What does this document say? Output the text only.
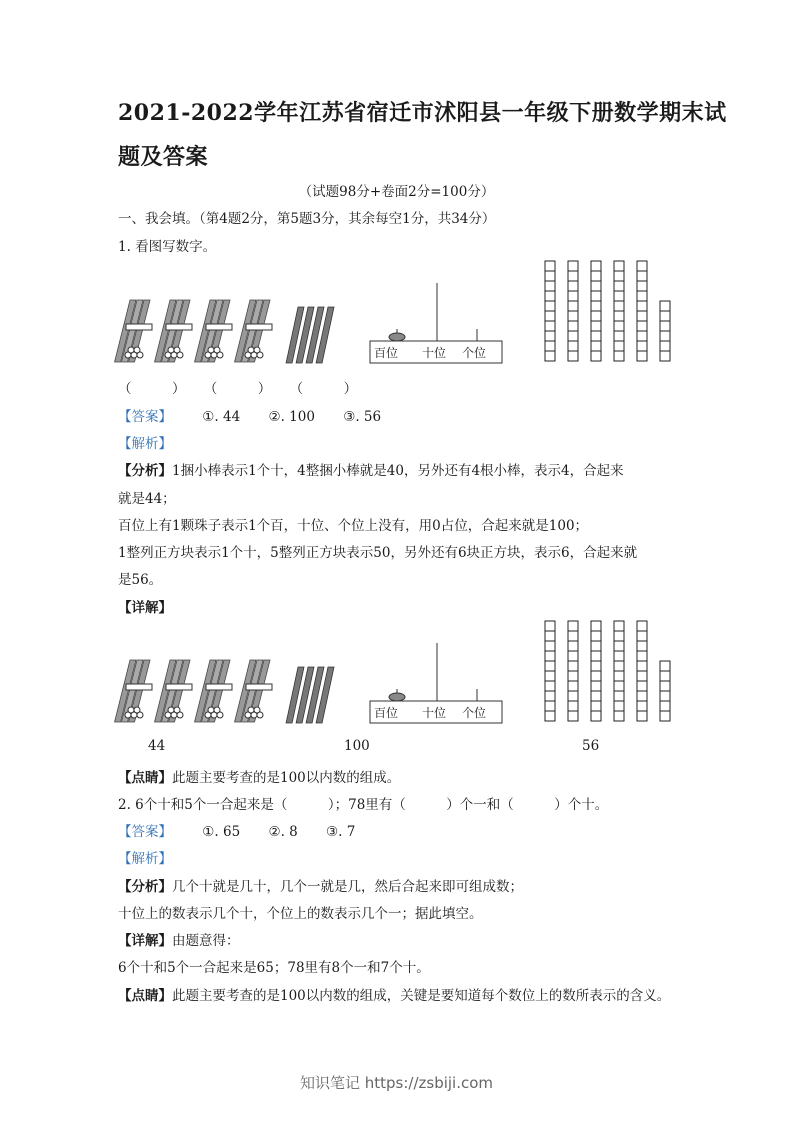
2021-2022学年江苏省宿迁市沭阳县一年级下册数学期末试
题及答案
（试题98分+卷面2分=100分）
一、我会填。（第4题2分，第5题3分，其余每空1分，共34分）
1. 看图写数字。
百位 十位 个位
（　　　） （　　　） （　　　）
【答案】 ①. 44 ②. 100 ③. 56
【解析】
【分析】1捆小棒表示1个十，4整捆小棒就是40，另外还有4根小棒，表示4，合起来
就是44；
百位上有1颗珠子表示1个百，十位、个位上没有，用0占位，合起来就是100；
1整列正方块表示1个十，5整列正方块表示50，另外还有6块正方块，表示6，合起来就
是56。
【详解】
百位 十位 个位
44	100	56
【点睛】此题主要考查的是100以内数的组成。
2. 6个十和5个一合起来是（　　　）；78里有（　　　）个一和（　　　）个十。
【答案】 ①. 65 ②. 8 ③. 7
【解析】
【分析】几个十就是几十，几个一就是几，然后合起来即可组成数；
十位上的数表示几个十，个位上的数表示几个一；据此填空。
【详解】由题意得：
6个十和5个一合起来是65；78里有8个一和7个十。
【点睛】此题主要考查的是100以内数的组成，关键是要知道每个数位上的数所表示的含义。
知识笔记 https://zsbiji.com
